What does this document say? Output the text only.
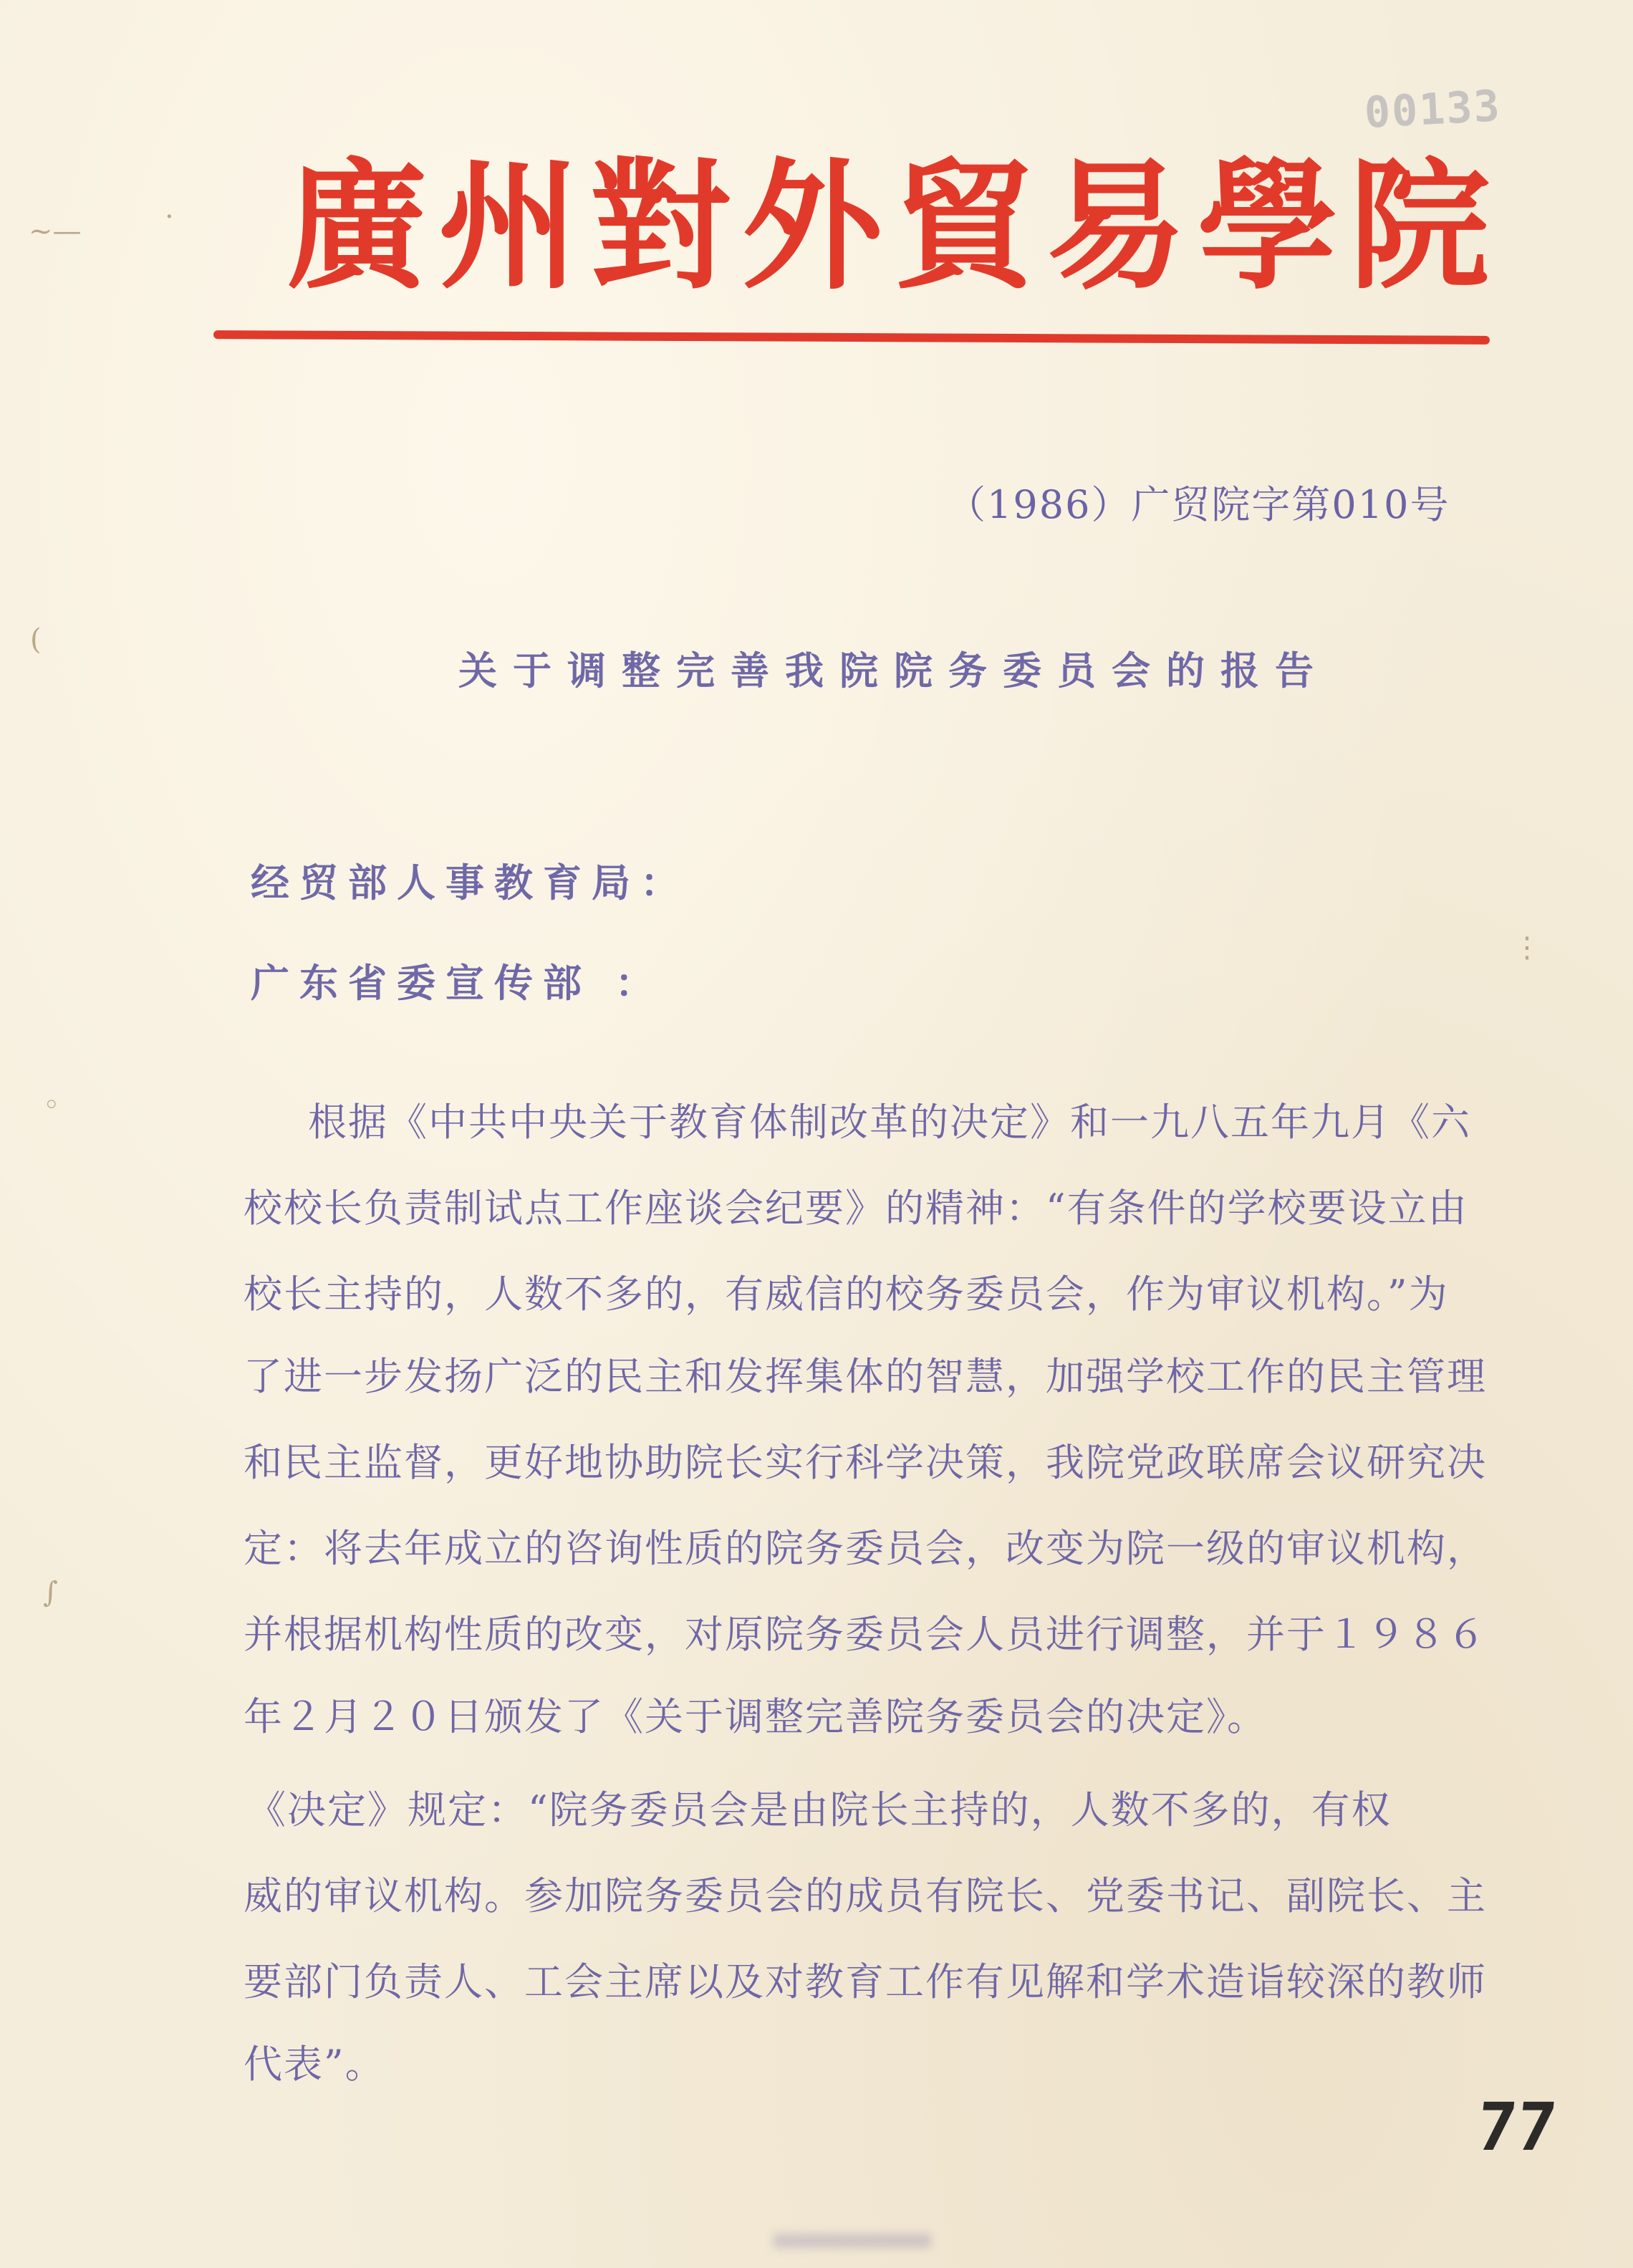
00133
廣州對外貿易學院
（1986）广贸院字第010号
关于调整完善我院院务委员会的报告
经贸部人事教育局：
广东省委宣传部 ：
根据《中共中央关于教育体制改革的决定》和一九八五年九月《六
校校长负责制试点工作座谈会纪要》的精神：“有条件的学校要设立由
校长主持的，人数不多的，有威信的校务委员会，作为审议机构。”为
了进一步发扬广泛的民主和发挥集体的智慧，加强学校工作的民主管理
和民主监督，更好地协助院长实行科学决策，我院党政联席会议研究决
定：将去年成立的咨询性质的院务委员会，改变为院一级的审议机构，
并根据机构性质的改变，对原院务委员会人员进行调整，并于１９８６
年２月２０日颁发了《关于调整完善院务委员会的决定》。
《决定》规定：“院务委员会是由院长主持的，人数不多的，有权
威的审议机构。参加院务委员会的成员有院长、党委书记、副院长、主
要部门负责人、工会主席以及对教育工作有见解和学术造诣较深的教师
代表”。
~—	·
(
◦
∫
⋮
77
